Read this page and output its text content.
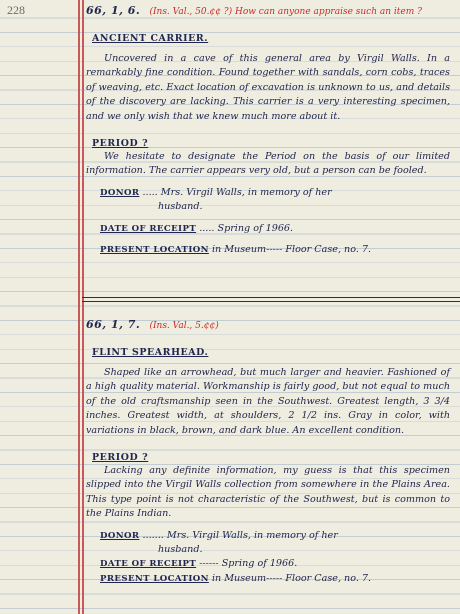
228	66, 1, 6. (Ins. Val., 50.¢¢ ?) How can anyone appraise such an item ?
ANCIENT CARRIER.

Uncovered in a cave of this general area by Virgil Walls. In a remarkably fine condition. Found together with sandals, corn cobs, traces of weaving, etc. Exact location of excavation is unknown to us, and details of the discovery are lacking. This carrier is a very interesting specimen, and we only wish that we knew much more about it.

PERIOD ?

We hesitate to designate the Period on the basis of our limited information. The carrier appears very old, but a person can be fooled.

DONOR ..... Mrs. Virgil Walls, in memory of her
husband.
DATE OF RECEIPT ..... Spring of 1966.
PRESENT LOCATION in Museum----- Floor Case, no. 7.
66, 1, 7. (Ins. Val., 5.¢¢)
FLINT SPEARHEAD.

Shaped like an arrowhead, but much larger and heavier. Fashioned of a high quality material. Workmanship is fairly good, but not equal to much of the old craftsmanship seen in the Southwest. Greatest length, 3 3/4 inches. Greatest width, at shoulders, 2 1/2 ins. Gray in color, with variations in black, brown, and dark blue. An excellent condition.

PERIOD ?

Lacking any definite information, my guess is that this specimen slipped into the Virgil Walls collection from somewhere in the Plains Area. This type point is not characteristic of the Southwest, but is common to the Plains Indian.

DONOR ....... Mrs. Virgil Walls, in memory of her
husband.
DATE OF RECEIPT ------ Spring of 1966.
PRESENT LOCATION in Museum----- Floor Case, no. 7.
